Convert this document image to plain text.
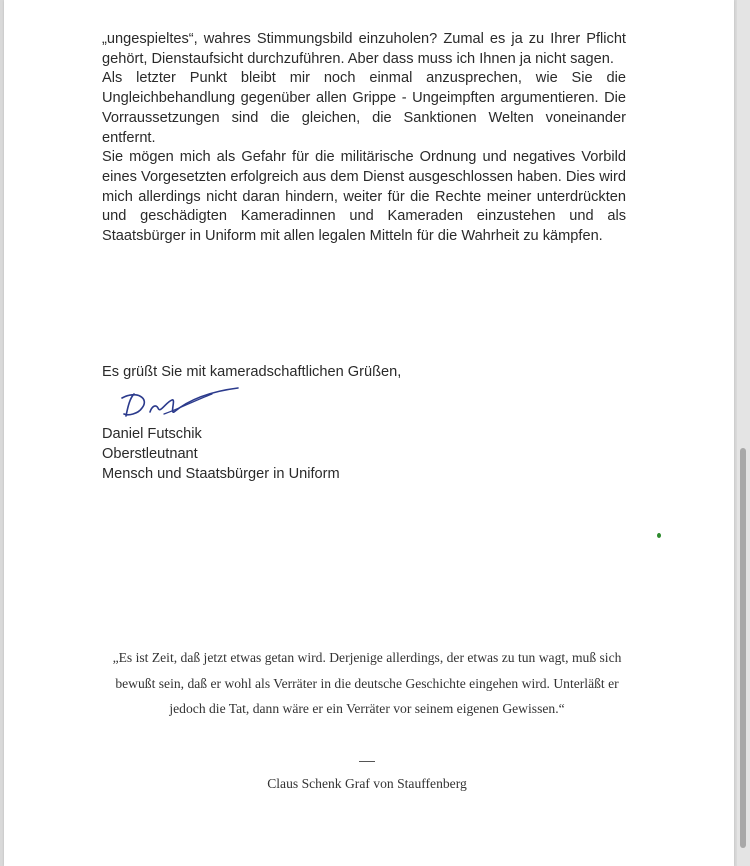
„ungespieltes“, wahres Stimmungsbild einzuholen? Zumal es ja zu Ihrer Pflicht gehört, Dienstaufsicht durchzuführen. Aber dass muss ich Ihnen ja nicht sagen.

Als letzter Punkt bleibt mir noch einmal anzusprechen, wie Sie die Ungleichbehandlung gegenüber allen Grippe - Ungeimpften argumentieren. Die Vorraussetzungen sind die gleichen, die Sanktionen Welten voneinander entfernt.

Sie mögen mich als Gefahr für die militärische Ordnung und negatives Vorbild eines Vorgesetzten erfolgreich aus dem Dienst ausgeschlossen haben. Dies wird mich allerdings nicht daran hindern, weiter für die Rechte meiner unterdrückten und geschädigten Kameradinnen und Kameraden einzustehen und als Staatsbürger in Uniform mit allen legalen Mitteln für die Wahrheit zu kämpfen.

Es grüßt Sie mit kameradschaftlichen Grüßen,
Daniel Futschik
Oberstleutnant
Mensch und Staatsbürger in Uniform
„Es ist Zeit, daß jetzt etwas getan wird. Derjenige allerdings, der etwas zu tun wagt, muß sich bewußt sein, daß er wohl als Verräter in die deutsche Geschichte eingehen wird. Unterläßt er jedoch die Tat, dann wäre er ein Verräter vor seinem eigenen Gewissen.“
Claus Schenk Graf von Stauffenberg
